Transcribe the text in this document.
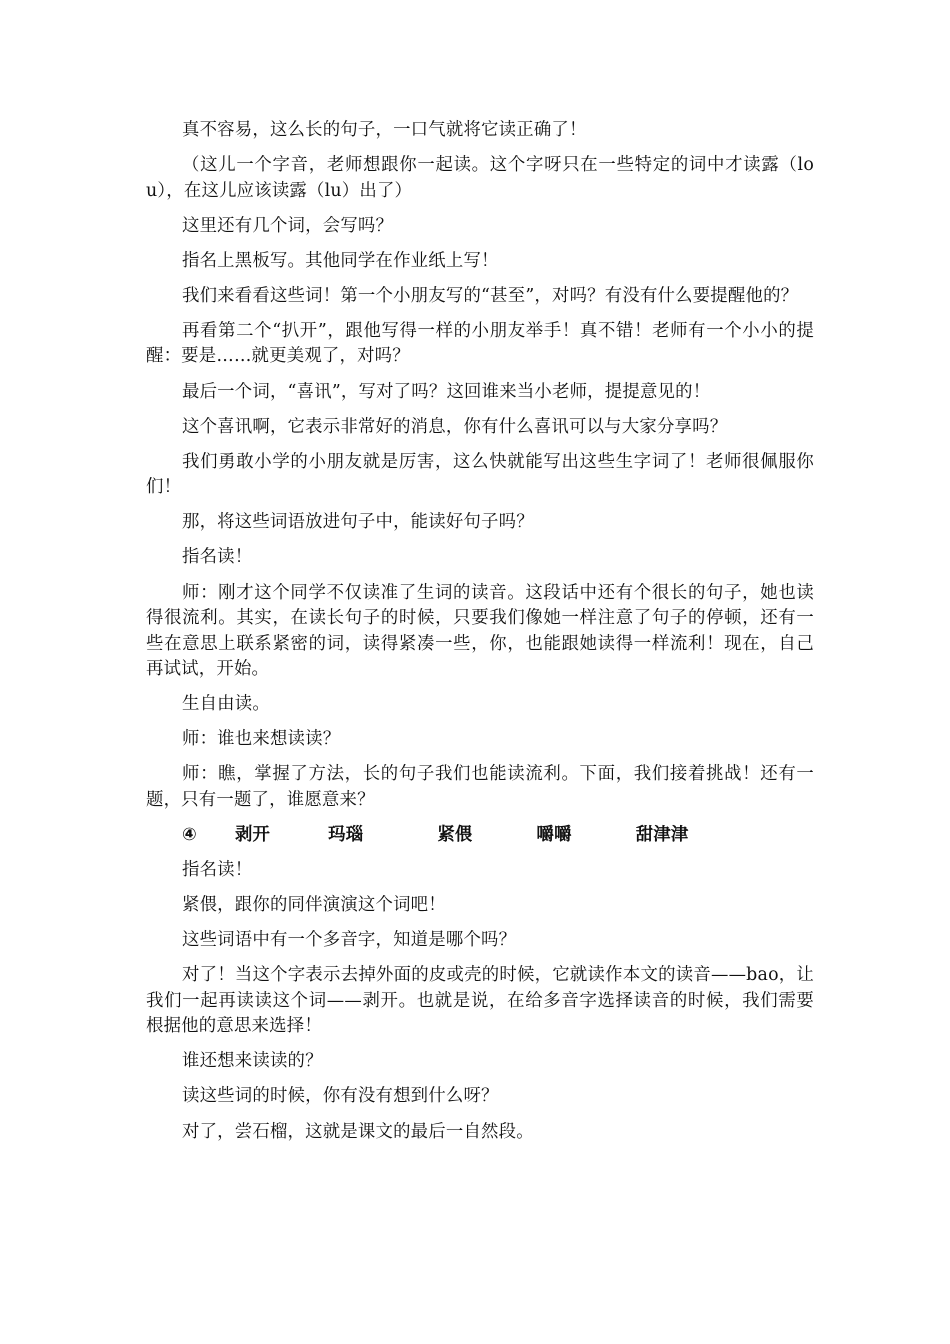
真不容易，这么长的句子，一口气就将它读正确了！

（这儿一个字音，老师想跟你一起读。这个字呀只在一些特定的词中才读露（lou），在这儿应该读露（lu）出了）

这里还有几个词，会写吗？

指名上黑板写。其他同学在作业纸上写！

我们来看看这些词！第一个小朋友写的“甚至”，对吗？有没有什么要提醒他的？

再看第二个“扒开”，跟他写得一样的小朋友举手！真不错！老师有一个小小的提醒：要是……就更美观了，对吗？

最后一个词，“喜讯”，写对了吗？这回谁来当小老师，提提意见的！

这个喜讯啊，它表示非常好的消息，你有什么喜讯可以与大家分享吗？

我们勇敢小学的小朋友就是厉害，这么快就能写出这些生字词了！老师很佩服你们！

那，将这些词语放进句子中，能读好句子吗？

指名读！

师：刚才这个同学不仅读准了生词的读音。这段话中还有个很长的句子，她也读得很流利。其实，在读长句子的时候，只要我们像她一样注意了句子的停顿，还有一些在意思上联系紧密的词，读得紧凑一些，你，也能跟她读得一样流利！现在，自己再试试，开始。

生自由读。

师：谁也来想读读？

师：瞧，掌握了方法，长的句子我们也能读流利。下面，我们接着挑战！还有一题，只有一题了，谁愿意来？

④	剥开	玛瑙	紧偎	嚼嚼	甜津津

指名读！

紧偎，跟你的同伴演演这个词吧！

这些词语中有一个多音字，知道是哪个吗？

对了！当这个字表示去掉外面的皮或壳的时候，它就读作本文的读音——bao，让我们一起再读读这个词——剥开。也就是说，在给多音字选择读音的时候，我们需要根据他的意思来选择！

谁还想来读读的？

读这些词的时候，你有没有想到什么呀？

对了，尝石榴，这就是课文的最后一自然段。
